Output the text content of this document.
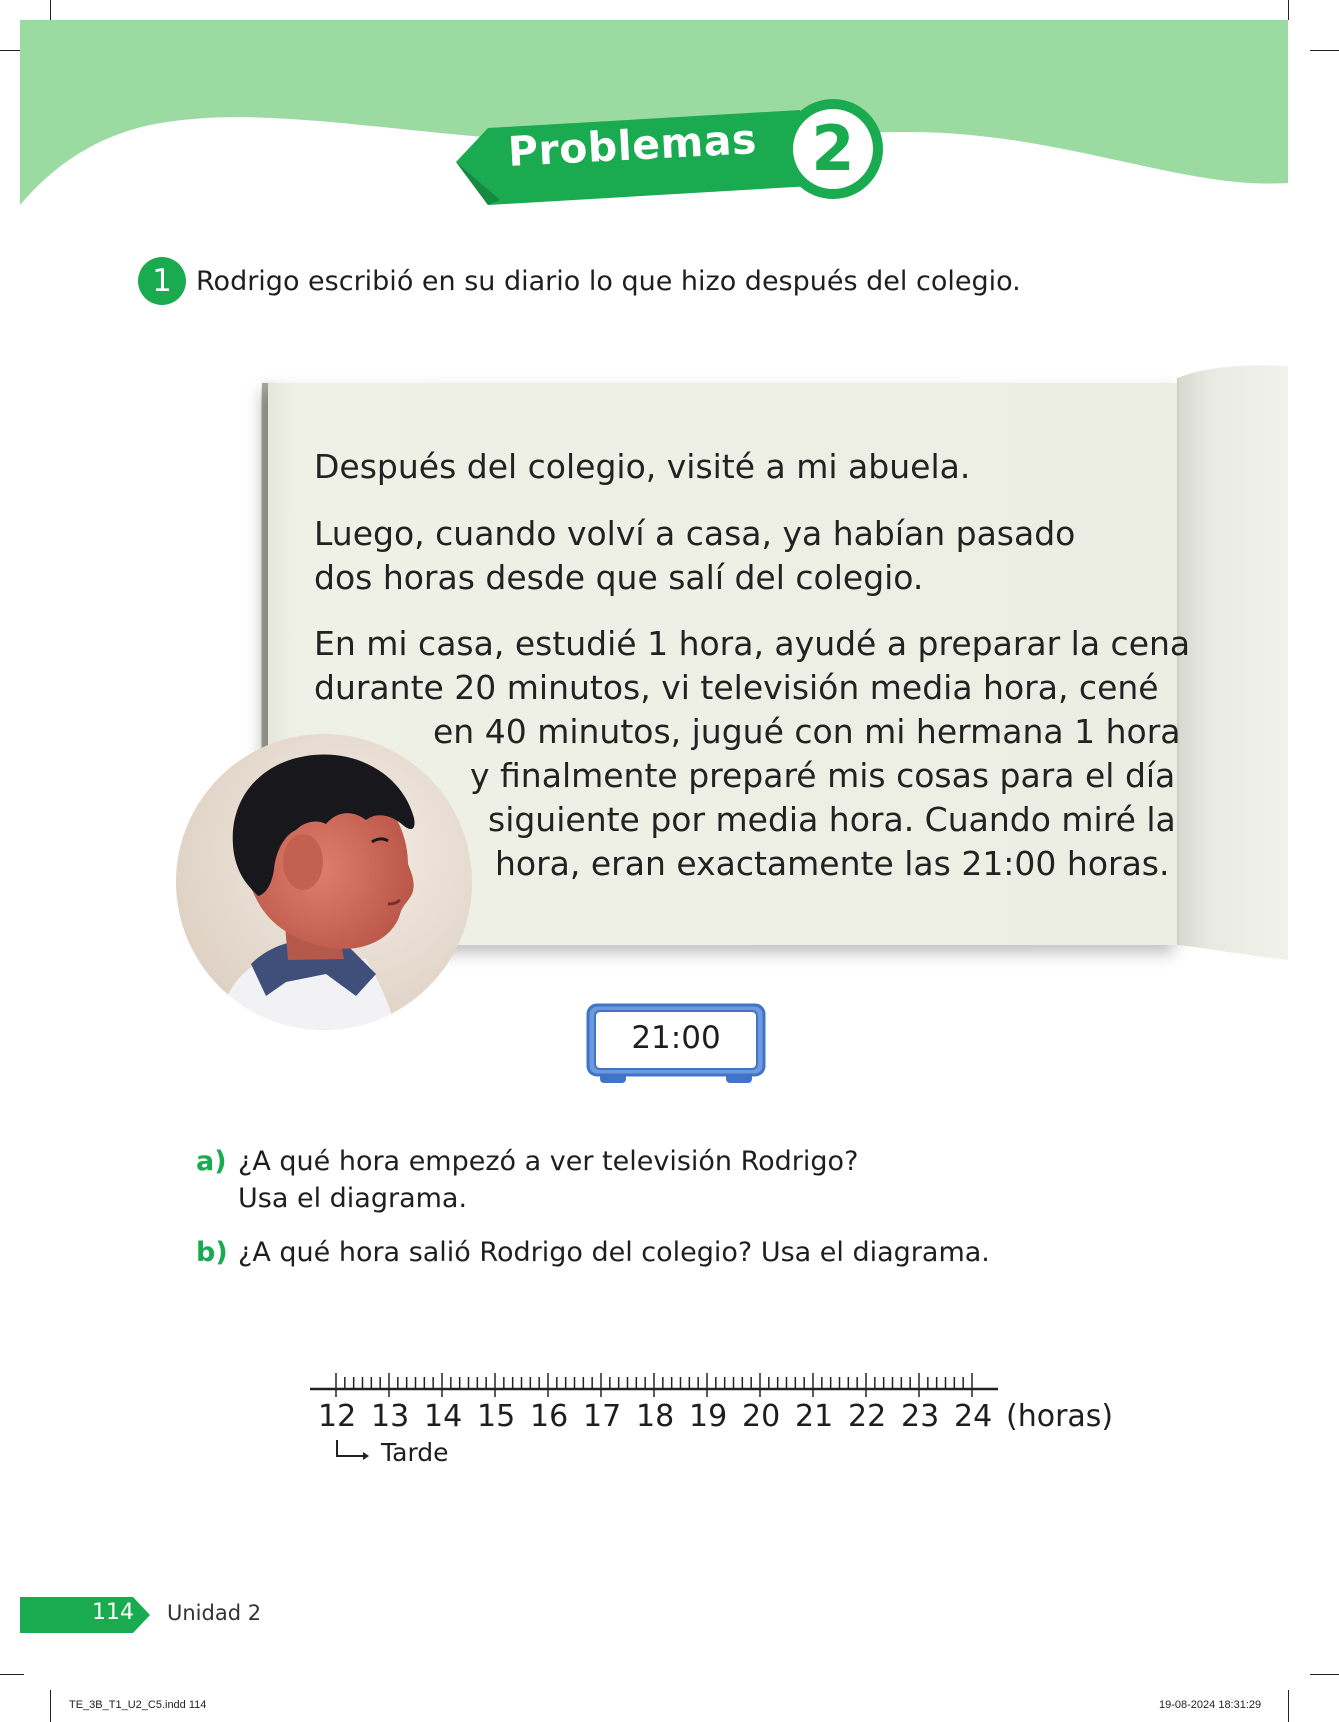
Problemas 2
1 Rodrigo escribió en su diario lo que hizo después del colegio.
Después del colegio, visité a mi abuela.
Luego, cuando volví a casa, ya habían pasado
dos horas desde que salí del colegio.
En mi casa, estudié 1 hora, ayudé a preparar la cena
durante 20 minutos, vi televisión media hora, cené
en 40 minutos, jugué con mi hermana 1 hora
y finalmente preparé mis cosas para el día
siguiente por media hora. Cuando miré la
hora, eran exactamente las 21:00 horas.
21:00
a) ¿A qué hora empezó a ver televisión Rodrigo?
Usa el diagrama.
b) ¿A qué hora salió Rodrigo del colegio? Usa el diagrama.
12 13 14 15 16 17 18 19 20 21 22 23 24 (horas)
Tarde
114 Unidad 2
TE_3B_T1_U2_C5.indd 114	19-08-2024 18:31:29
